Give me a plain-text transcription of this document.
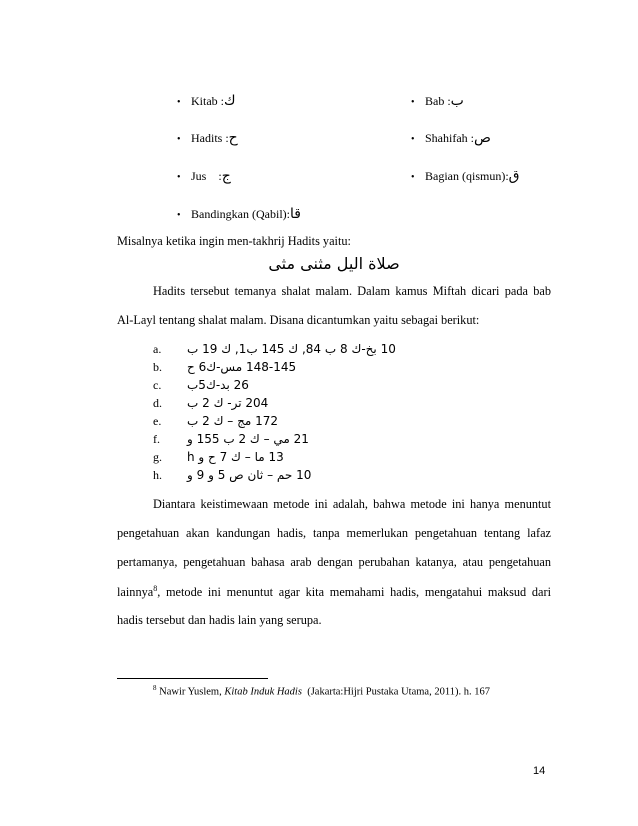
• Kitab :ك	• Bab :ب
• Hadits :ح	• Shahifah :ص
• Jus    :ج	• Bagian (qismun):ق
• Bandingkan (Qabil):قا
Misalnya ketika ingin men-takhrij Hadits yaitu:
صلاة اليل مثنى مثى
Hadits tersebut temanya shalat malam. Dalam kamus Miftah dicari pada bab
Al-Layl tentang shalat malam. Disana dicantumkan yaitu sebagai berikut:
a. 10 بخ-ك 8 ب 84, ك 145 ب1, ك 19 ب
b. 148-145 مس-ك6 ح
c. 26 بد-ك5ب
d. 204 تر- ك 2 ب
e. 172 مج – ك 2 ب
f. 21 مي – ك 2 ب 155 و
g. 13 ما – ك 7 ح و h
h. 10 حم – ثان ص 5 و 9 و
Diantara keistimewaan metode ini adalah, bahwa metode ini hanya menuntut
pengetahuan akan kandungan hadis, tanpa memerlukan pengetahuan tentang lafaz
pertamanya, pengetahuan bahasa arab dengan perubahan katanya, atau pengetahuan
lainnya$^8$, metode ini menuntut agar kita memahami hadis, mengatahui maksud dari
hadis tersebut dan hadis lain yang serupa.
$^8$ Nawir Yuslem, Kitab Induk Hadis  (Jakarta:Hijri Pustaka Utama, 2011). h. 167
14
